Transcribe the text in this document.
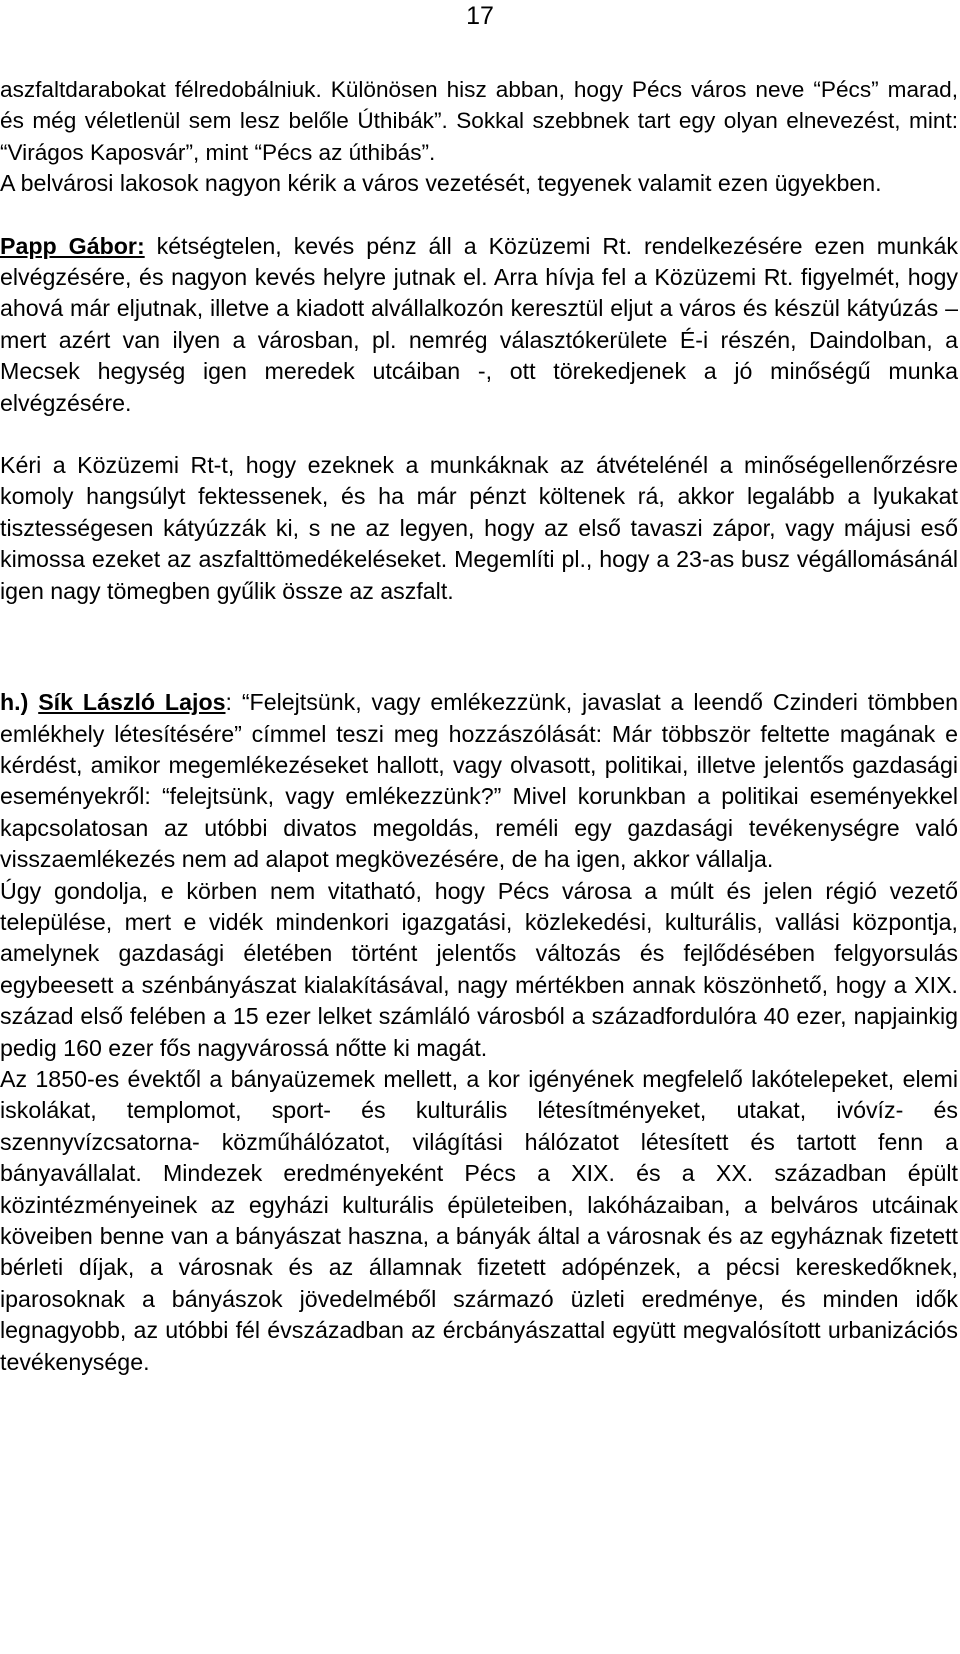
17

aszfaltdarabokat félredobálniuk. Különösen hisz abban, hogy Pécs város neve “Pécs” marad, és még véletlenül sem lesz belőle Úthibák”. Sokkal szebbnek tart egy olyan elnevezést, mint: “Virágos Kaposvár”, mint “Pécs az úthibás”.

A belvárosi lakosok nagyon kérik a város vezetését, tegyenek valamit ezen ügyekben.

Papp Gábor: kétségtelen, kevés pénz áll a Közüzemi Rt. rendelkezésére ezen munkák elvégzésére, és nagyon kevés helyre jutnak el. Arra hívja fel a Közüzemi Rt. figyelmét, hogy ahová már eljutnak, illetve a kiadott alvállalkozón keresztül eljut a város és készül kátyúzás – mert azért van ilyen a városban, pl. nemrég választókerülete É-i részén, Daindolban, a Mecsek hegység igen meredek utcáiban -, ott törekedjenek a jó minőségű munka elvégzésére.

Kéri a Közüzemi Rt-t, hogy ezeknek a munkáknak az átvételénél a minőségellenőrzésre komoly hangsúlyt fektessenek, és ha már pénzt költenek rá, akkor legalább a lyukakat tisztességesen kátyúzzák ki, s ne az legyen, hogy az első tavaszi zápor, vagy májusi eső kimossa ezeket az aszfalttömedékeléseket. Megemlíti pl., hogy a 23-as busz végállomásánál igen nagy tömegben gyűlik össze az aszfalt.

h.) Sík László Lajos: “Felejtsünk, vagy emlékezzünk, javaslat a leendő Czinderi tömbben emlékhely létesítésére” címmel teszi meg hozzászólását: Már többször feltette magának e kérdést, amikor megemlékezéseket hallott, vagy olvasott, politikai, illetve jelentős gazdasági eseményekről: “felejtsünk, vagy emlékezzünk?” Mivel korunkban a politikai eseményekkel kapcsolatosan az utóbbi divatos megoldás, reméli egy gazdasági tevékenységre való visszaemlékezés nem ad alapot megkövezésére, de ha igen, akkor vállalja.

Úgy gondolja, e körben nem vitatható, hogy Pécs városa a múlt és jelen régió vezető települése, mert e vidék mindenkori igazgatási, közlekedési, kulturális, vallási központja, amelynek gazdasági életében történt jelentős változás és fejlődésében felgyorsulás egybeesett a szénbányászat kialakításával, nagy mértékben annak köszönhető, hogy a XIX. század első felében a 15 ezer lelket számláló városból a századfordulóra 40 ezer, napjainkig pedig 160 ezer fős nagyvárossá nőtte ki magát.

Az 1850-es évektől a bányaüzemek mellett, a kor igényének megfelelő lakótelepeket, elemi iskolákat, templomot, sport- és kulturális létesítményeket, utakat, ivóvíz- és szennyvízcsatorna- közműhálózatot, világítási hálózatot létesített és tartott fenn a bányavállalat. Mindezek eredményeként Pécs a XIX. és a XX. században épült közintézményeinek az egyházi kulturális épületeiben, lakóházaiban, a belváros utcáinak köveiben benne van a bányászat haszna, a bányák által a városnak és az egyháznak fizetett bérleti díjak, a városnak és az államnak fizetett adópénzek, a pécsi kereskedőknek, iparosoknak a bányászok jövedelméből származó üzleti eredménye, és minden idők legnagyobb, az utóbbi fél évszázadban az ércbányászattal együtt megvalósított urbanizációs tevékenysége.
